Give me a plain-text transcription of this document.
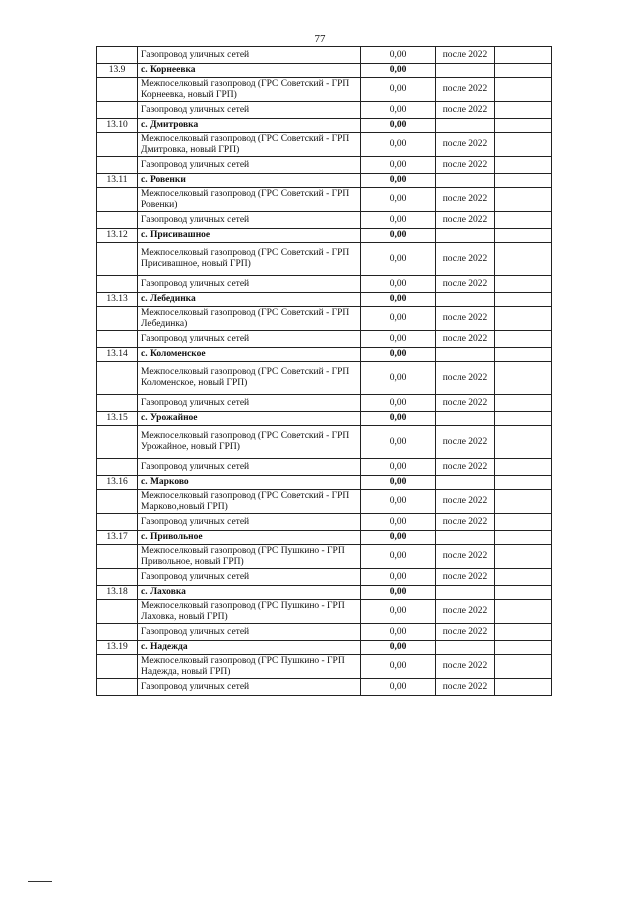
77
	Газопровод уличных сетей	0,00	после 2022	
13.9	с. Корнеевка	0,00		
	Межпоселковый газопровод (ГРС Советский - ГРП Корнеевка, новый ГРП)	0,00	после 2022	
	Газопровод уличных сетей	0,00	после 2022	
13.10	с. Дмитровка	0,00		
	Межпоселковый газопровод (ГРС Советский - ГРП Дмитровка, новый ГРП)	0,00	после 2022	
	Газопровод уличных сетей	0,00	после 2022	
13.11	с. Ровенки	0,00		
	Межпоселковый газопровод (ГРС Советский - ГРП Ровенки)	0,00	после 2022	
	Газопровод уличных сетей	0,00	после 2022	
13.12	с. Присивашное	0,00		
	Межпоселковый газопровод (ГРС Советский - ГРП Присивашное, новый ГРП)	0,00	после 2022	
	Газопровод уличных сетей	0,00	после 2022	
13.13	с. Лебединка	0,00		
	Межпоселковый газопровод (ГРС Советский - ГРП Лебединка)	0,00	после 2022	
	Газопровод уличных сетей	0,00	после 2022	
13.14	с. Коломенское	0,00		
	Межпоселковый газопровод (ГРС Советский - ГРП Коломенское, новый ГРП)	0,00	после 2022	
	Газопровод уличных сетей	0,00	после 2022	
13.15	с. Урожайное	0,00		
	Межпоселковый газопровод (ГРС Советский - ГРП Урожайное, новый ГРП)	0,00	после 2022	
	Газопровод уличных сетей	0,00	после 2022	
13.16	с. Марково	0,00		
	Межпоселковый газопровод (ГРС Советский - ГРП Марково,новый ГРП)	0,00	после 2022	
	Газопровод уличных сетей	0,00	после 2022	
13.17	с. Привольное	0,00		
	Межпоселковый газопровод (ГРС Пушкино - ГРП Привольное, новый ГРП)	0,00	после 2022	
	Газопровод уличных сетей	0,00	после 2022	
13.18	с. Лаховка	0,00		
	Межпоселковый газопровод (ГРС Пушкино - ГРП Лаховка, новый ГРП)	0,00	после 2022	
	Газопровод уличных сетей	0,00	после 2022	
13.19	с. Надежда	0,00		
	Межпоселковый газопровод (ГРС Пушкино - ГРП Надежда, новый ГРП)	0,00	после 2022	
	Газопровод уличных сетей	0,00	после 2022	
